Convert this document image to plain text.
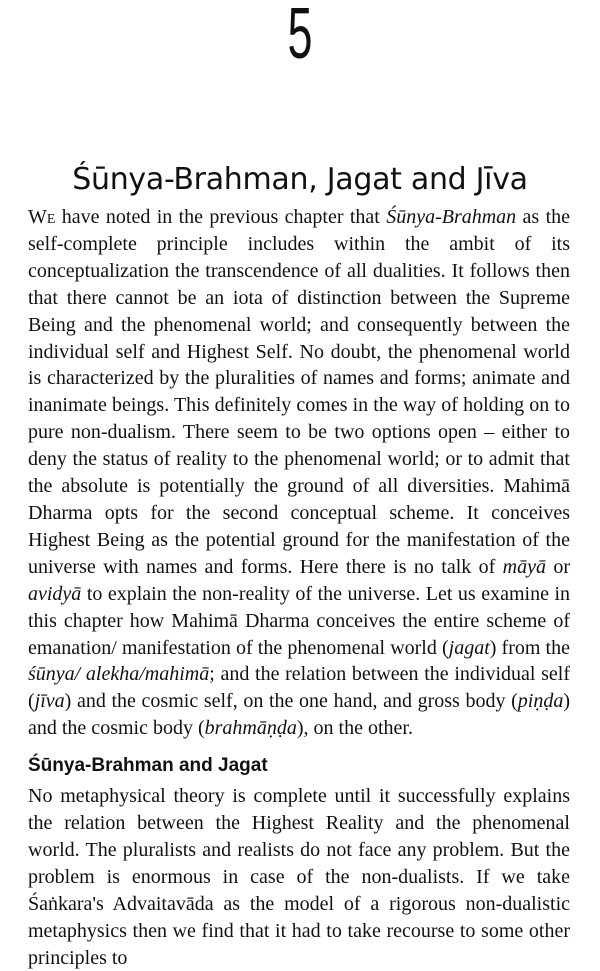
5
Śūnya-Brahman, Jagat and Jīva

We have noted in the previous chapter that Śūnya-Brahman as the self-complete principle includes within the ambit of its conceptualization the transcendence of all dualities. It follows then that there cannot be an iota of distinction between the Supreme Being and the phenomenal world; and consequently between the individual self and Highest Self. No doubt, the phenomenal world is characterized by the pluralities of names and forms; animate and inanimate beings. This definitely comes in the way of holding on to pure non-dualism. There seem to be two options open – either to deny the status of reality to the phenomenal world; or to admit that the absolute is potentially the ground of all diversities. Mahimā Dharma opts for the second conceptual scheme. It conceives Highest Being as the potential ground for the manifestation of the universe with names and forms. Here there is no talk of māyā or avidyā to explain the non-reality of the universe. Let us examine in this chapter how Mahimā Dharma conceives the entire scheme of emanation/ manifestation of the phenomenal world (jagat) from the śūnya/ alekha/mahimā; and the relation between the individual self (jīva) and the cosmic self, on the one hand, and gross body (piṇḍa) and the cosmic body (brahmāṇḍa), on the other.

Śūnya-Brahman and Jagat

No metaphysical theory is complete until it successfully explains the relation between the Highest Reality and the phenomenal world. The pluralists and realists do not face any problem. But the problem is enormous in case of the non-dualists. If we take Śaṅkara's Advaitavāda as the model of a rigorous non-dualistic metaphysics then we find that it had to take recourse to some other principles to
